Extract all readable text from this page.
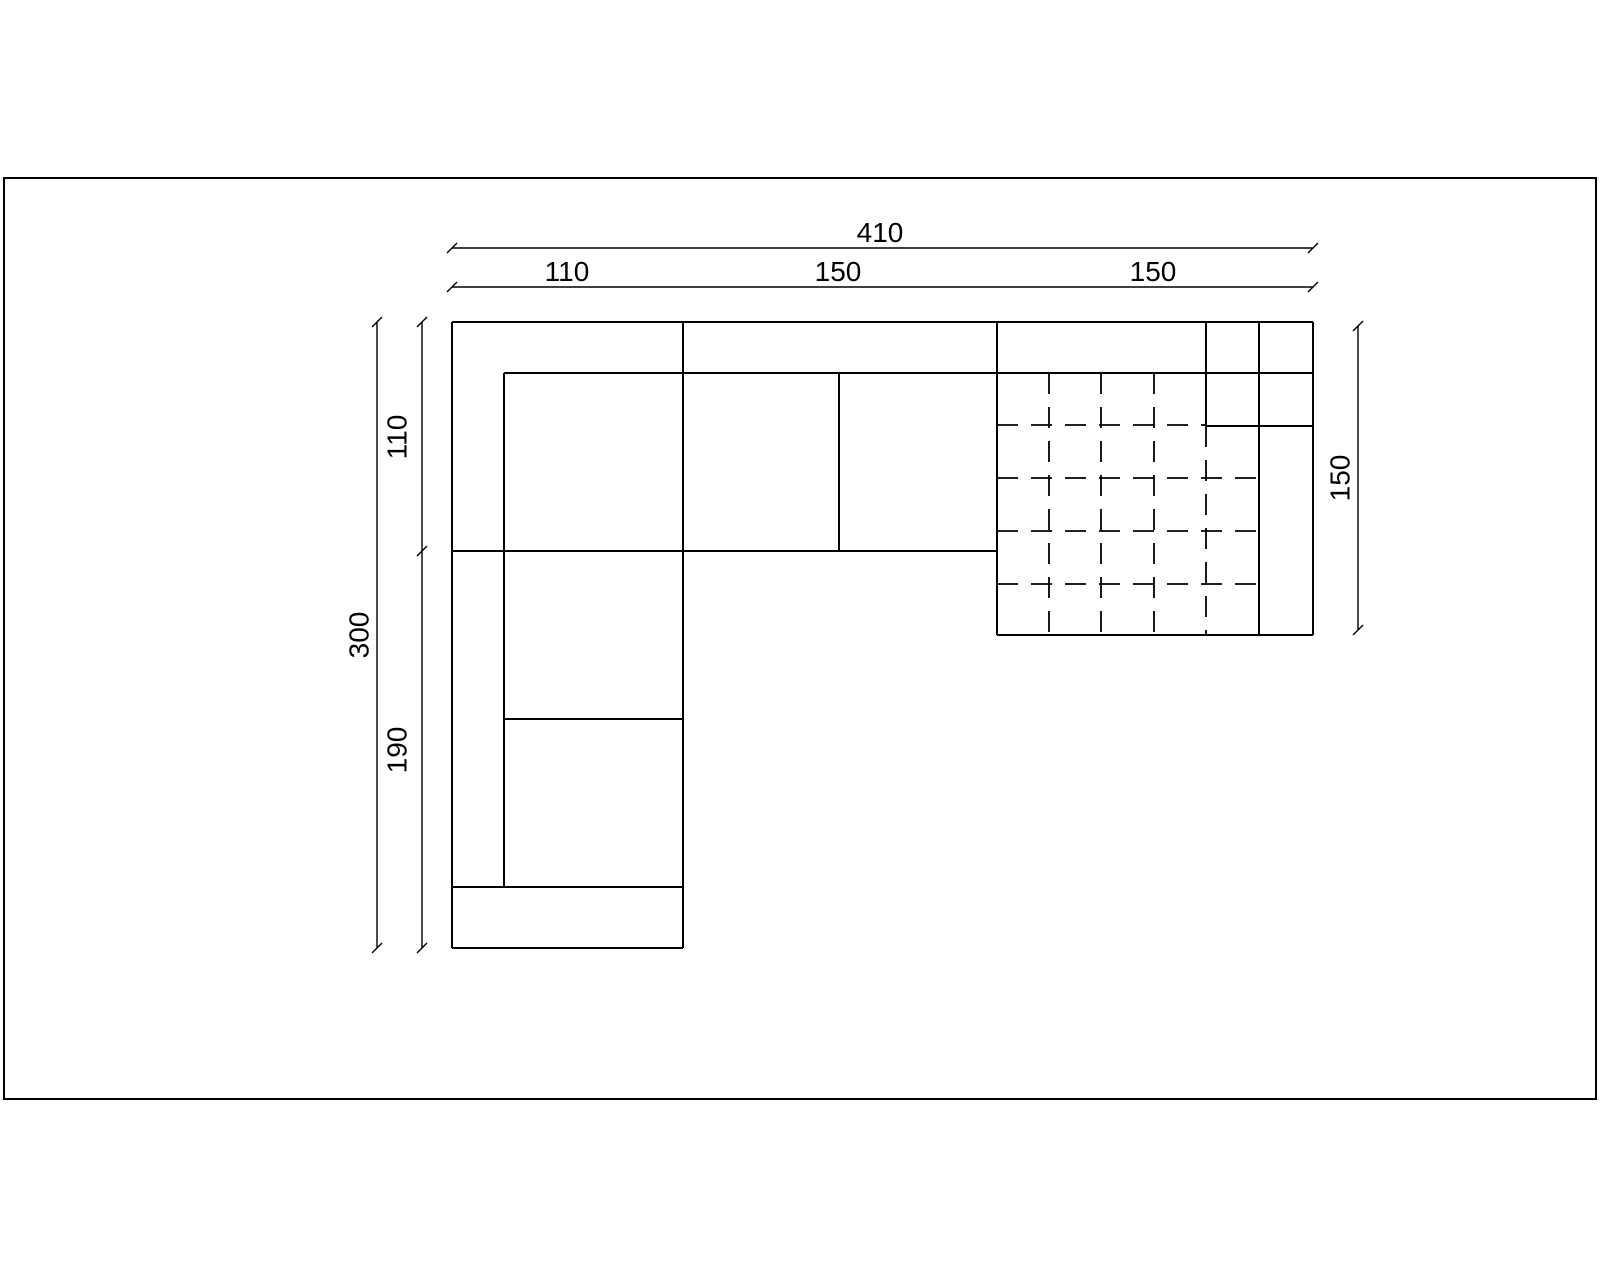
410
110	150	150
110
300
190
150
